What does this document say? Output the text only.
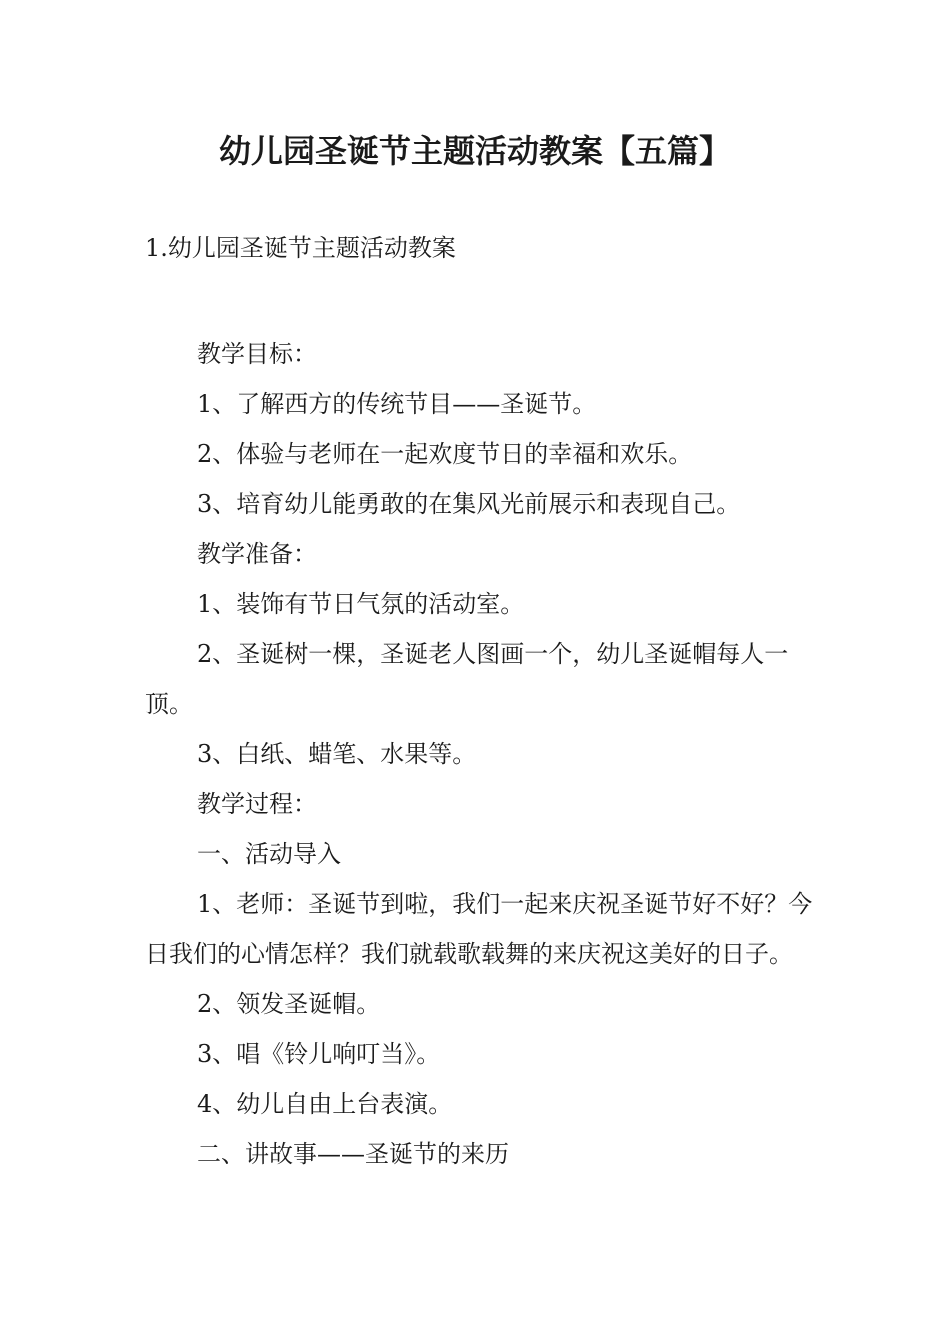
幼儿园圣诞节主题活动教案【五篇】

1.幼儿园圣诞节主题活动教案

教学目标：

1、了解西方的传统节目——圣诞节。

2、体验与老师在一起欢度节日的幸福和欢乐。

3、培育幼儿能勇敢的在集风光前展示和表现自己。

教学准备：

1、装饰有节日气氛的活动室。

2、圣诞树一棵，圣诞老人图画一个，幼儿圣诞帽每人一顶。

3、白纸、蜡笔、水果等。

教学过程：

一、活动导入

1、老师：圣诞节到啦，我们一起来庆祝圣诞节好不好？今日我们的心情怎样？我们就载歌载舞的来庆祝这美好的日子。

2、领发圣诞帽。

3、唱《铃儿响叮当》。

4、幼儿自由上台表演。

二、讲故事——圣诞节的来历
